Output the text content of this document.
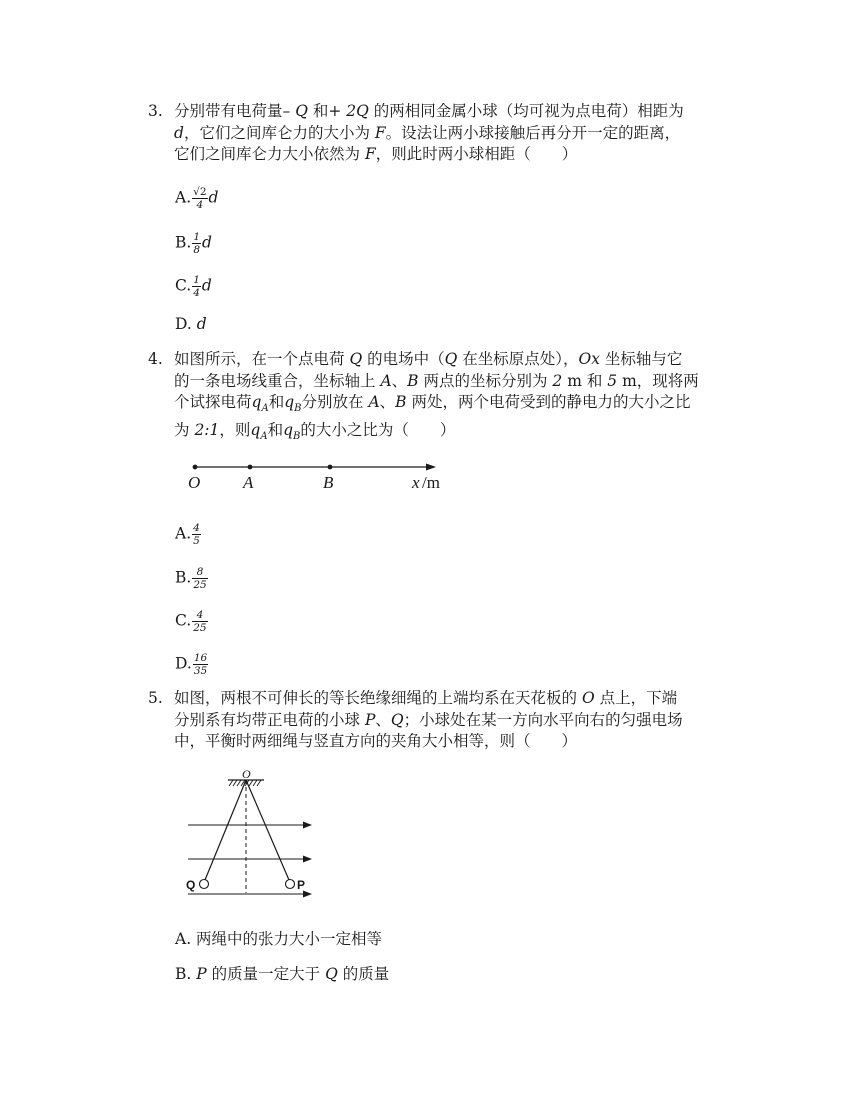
3. 分别带有电荷量– Q 和+ 2Q 的两相同金属小球（均可视为点电荷）相距为
d，它们之间库仑力的大小为 F。设法让两小球接触后再分开一定的距离，
它们之间库仑力大小依然为 F，则此时两小球相距（　　）
A. $\frac{√2}{4}$ d
B. $\frac{1}{8}$ d
C. $\frac{1}{4}$ d
D. d
4. 如图所示，在一个点电荷 Q 的电场中（Q 在坐标原点处），Ox 坐标轴与它
的一条电场线重合，坐标轴上 A、B 两点的坐标分别为 2 m 和 5 m，现将两
个试探电荷$q_A$和$q_B$分别放在 A、B 两处，两个电荷受到的静电力的大小之比
为 2:1，则$q_A$和$q_B$的大小之比为（　　）
O	A	B	x /m
A. $\frac{4}{5}$
B. $\frac{8}{25}$
C. $\frac{4}{25}$
D. $\frac{16}{35}$
5. 如图，两根不可伸长的等长绝缘细绳的上端均系在天花板的 O 点上，下端
分别系有均带正电荷的小球 P、Q；小球处在某一方向水平向右的匀强电场
中，平衡时两细绳与竖直方向的夹角大小相等，则（　　）
O
Q	P
A. 两绳中的张力大小一定相等
B. P 的质量一定大于 Q 的质量
